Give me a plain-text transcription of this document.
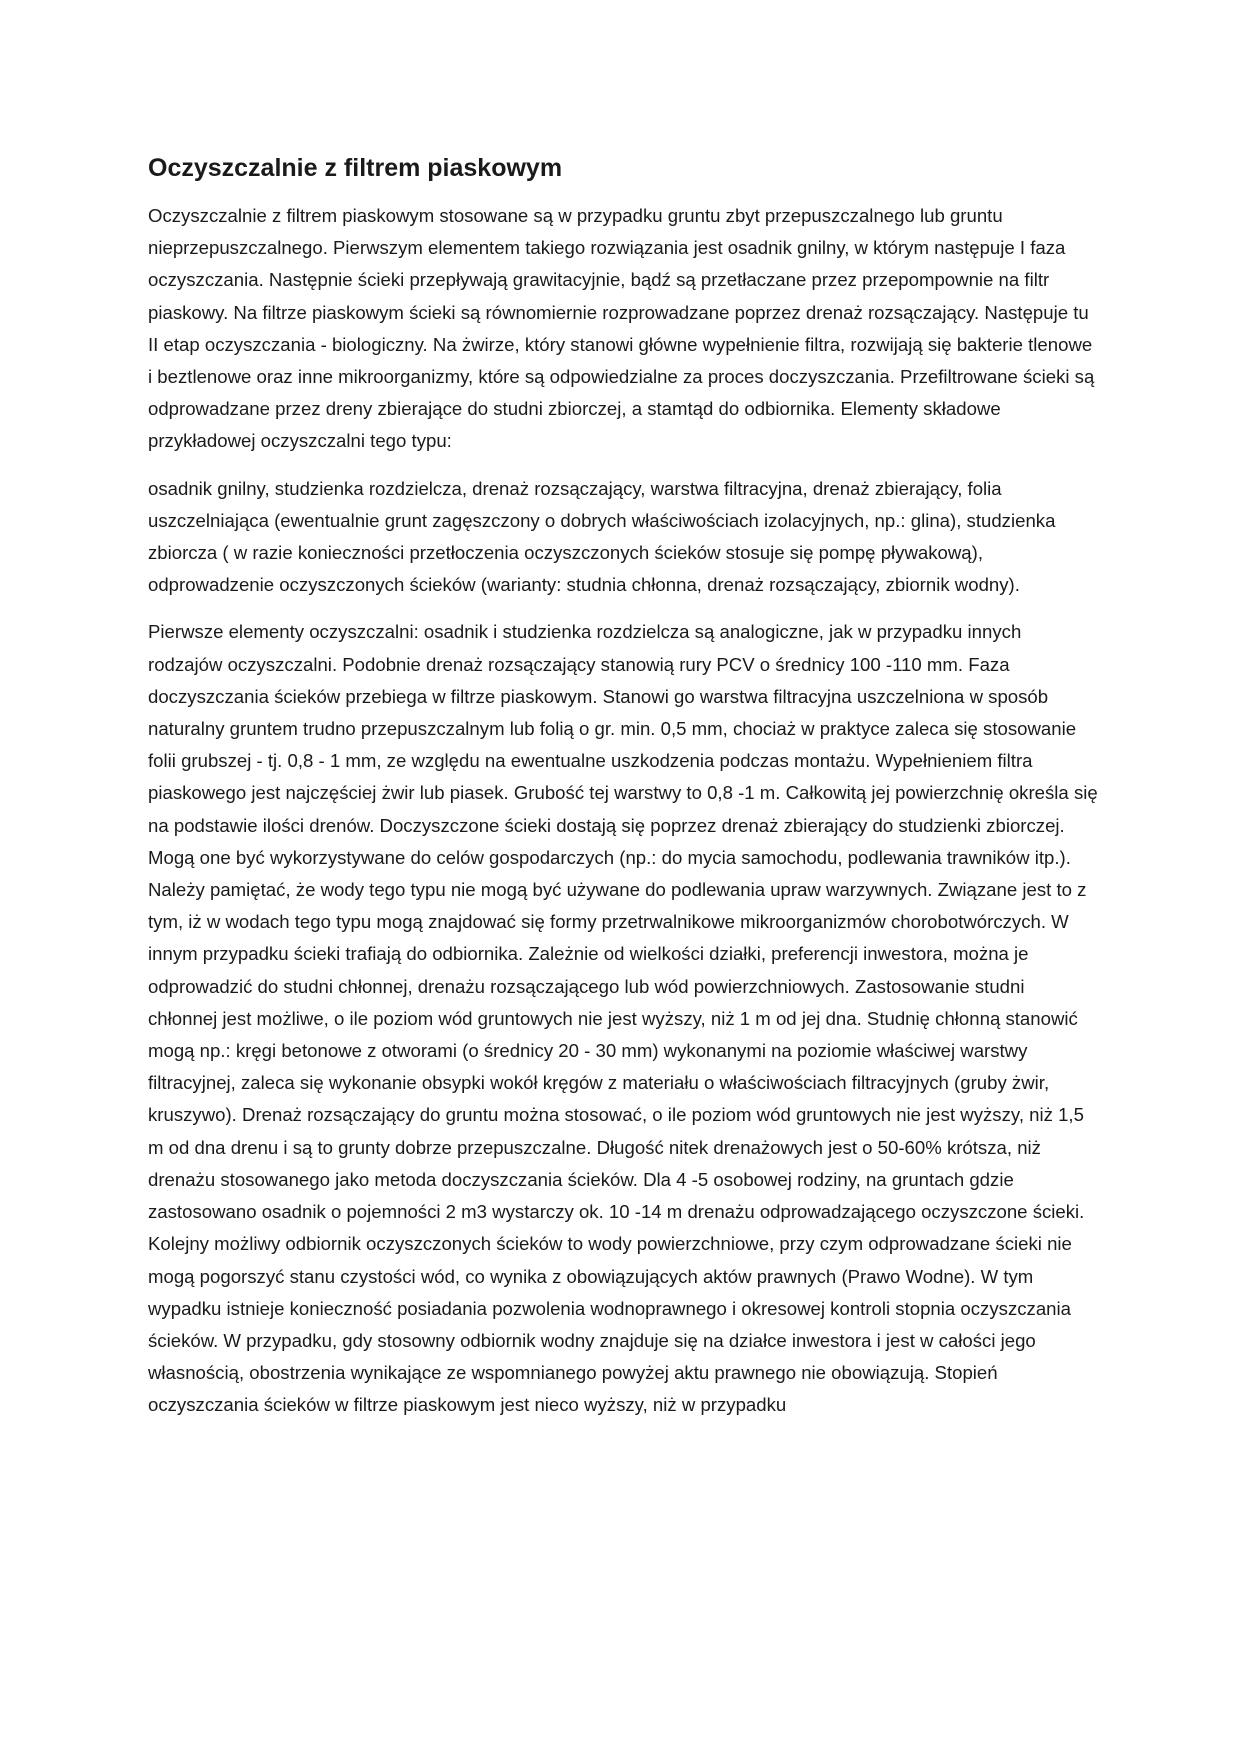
Oczyszczalnie z filtrem piaskowym

Oczyszczalnie z filtrem piaskowym stosowane są w przypadku gruntu zbyt przepuszczalnego lub gruntu nieprzepuszczalnego. Pierwszym elementem takiego rozwiązania jest osadnik gnilny, w którym następuje I faza oczyszczania. Następnie ścieki przepływają grawitacyjnie, bądź są przetłaczane przez przepompownie na filtr piaskowy. Na filtrze piaskowym ścieki są równomiernie rozprowadzane poprzez drenaż rozsączający. Następuje tu II etap oczyszczania - biologiczny. Na żwirze, który stanowi główne wypełnienie filtra, rozwijają się bakterie tlenowe i beztlenowe oraz inne mikroorganizmy, które są odpowiedzialne za proces doczyszczania. Przefiltrowane ścieki są odprowadzane przez dreny zbierające do studni zbiorczej, a stamtąd do odbiornika. Elementy składowe przykładowej oczyszczalni tego typu:

osadnik gnilny, studzienka rozdzielcza, drenaż rozsączający, warstwa filtracyjna, drenaż zbierający, folia uszczelniająca (ewentualnie grunt zagęszczony o dobrych właściwościach izolacyjnych, np.: glina), studzienka zbiorcza ( w razie konieczności przetłoczenia oczyszczonych ścieków stosuje się pompę pływakową), odprowadzenie oczyszczonych ścieków (warianty: studnia chłonna, drenaż rozsączający, zbiornik wodny).

Pierwsze elementy oczyszczalni: osadnik i studzienka rozdzielcza są analogiczne, jak w przypadku innych rodzajów oczyszczalni. Podobnie drenaż rozsączający stanowią rury PCV o średnicy 100 -110 mm. Faza doczyszczania ścieków przebiega w filtrze piaskowym. Stanowi go warstwa filtracyjna uszczelniona w sposób naturalny gruntem trudno przepuszczalnym lub folią o gr. min. 0,5 mm, chociaż w praktyce zaleca się stosowanie folii grubszej - tj. 0,8 - 1 mm, ze względu na ewentualne uszkodzenia podczas montażu. Wypełnieniem filtra piaskowego jest najczęściej żwir lub piasek. Grubość tej warstwy to 0,8 -1 m. Całkowitą jej powierzchnię określa się na podstawie ilości drenów. Doczyszczone ścieki dostają się poprzez drenaż zbierający do studzienki zbiorczej. Mogą one być wykorzystywane do celów gospodarczych (np.: do mycia samochodu, podlewania trawników itp.). Należy pamiętać, że wody tego typu nie mogą być używane do podlewania upraw warzywnych. Związane jest to z tym, iż w wodach tego typu mogą znajdować się formy przetrwalnikowe mikroorganizmów chorobotwórczych. W innym przypadku ścieki trafiają do odbiornika. Zależnie od wielkości działki, preferencji inwestora, można je odprowadzić do studni chłonnej, drenażu rozsączającego lub wód powierzchniowych. Zastosowanie studni chłonnej jest możliwe, o ile poziom wód gruntowych nie jest wyższy, niż 1 m od jej dna. Studnię chłonną stanowić mogą np.: kręgi betonowe z otworami (o średnicy 20 - 30 mm) wykonanymi na poziomie właściwej warstwy filtracyjnej, zaleca się wykonanie obsypki wokół kręgów z materiału o właściwościach filtracyjnych (gruby żwir, kruszywo). Drenaż rozsączający do gruntu można stosować, o ile poziom wód gruntowych nie jest wyższy, niż 1,5 m od dna drenu i są to grunty dobrze przepuszczalne. Długość nitek drenażowych jest o 50-60% krótsza, niż drenażu stosowanego jako metoda doczyszczania ścieków. Dla 4 -5 osobowej rodziny, na gruntach gdzie zastosowano osadnik o pojemności 2 m3 wystarczy ok. 10 -14 m drenażu odprowadzającego oczyszczone ścieki. Kolejny możliwy odbiornik oczyszczonych ścieków to wody powierzchniowe, przy czym odprowadzane ścieki nie mogą pogorszyć stanu czystości wód, co wynika z obowiązujących aktów prawnych (Prawo Wodne). W tym wypadku istnieje konieczność posiadania pozwolenia wodnoprawnego i okresowej kontroli stopnia oczyszczania ścieków. W przypadku, gdy stosowny odbiornik wodny znajduje się na działce inwestora i jest w całości jego własnością, obostrzenia wynikające ze wspomnianego powyżej aktu prawnego nie obowiązują. Stopień oczyszczania ścieków w filtrze piaskowym jest nieco wyższy, niż w przypadku
